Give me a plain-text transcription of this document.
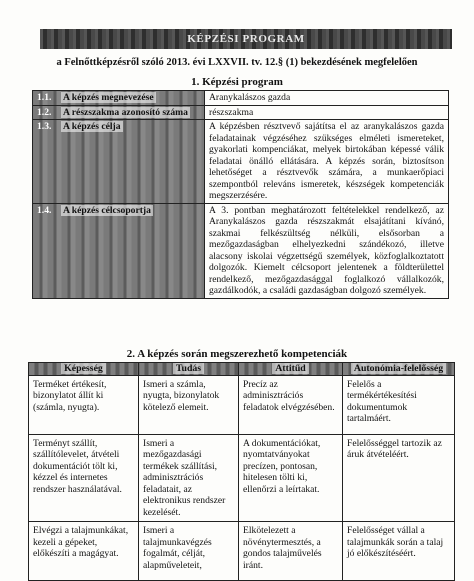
KÉPZÉSI PROGRAM
a Felnőttképzésről szóló 2013. évi LXXVII. tv. 12.§ (1) bekezdésének megfelelően
1. Képzési program
1.1. A képzés megnevezése	Aranykalászos gazda
1.2. A részszakma azonosító száma	részszakma
1.3. A képzés célja	A képzésben résztvevő sajátítsa el az aranykalászos gazda feladatainak végzéséhez szükséges elméleti ismereteket, gyakorlati kompenciákat, melyek birtokában képessé válik feladatai önálló ellátására. A képzés során, biztosítson lehetőséget a résztvevők számára, a munkaerőpiaci szempontból releváns ismeretek, készségek kompetenciák megszerzésére.
1.4. A képzés célcsoportja	A 3. pontban meghatározott feltételekkel rendelkező, az Aranykalászos gazda részszakmát elsajátítani kívánó, szakmai felkészültség nélküli, elsősorban a mezőgazdaságban elhelyezkedni szándékozó, illetve alacsony iskolai végzettségű személyek, közfoglalkoztatott dolgozók. Kiemelt célcsoport jelentenek a földterülettel rendelkező, mezőgazdasággal foglalkozó vállalkozók, gazdálkodók, a családi gazdaságban dolgozó személyek.
2. A képzés során megszerezhető kompetenciák
Képesség	Tudás	Attitűd	Autonómia-felelősség
Terméket értékesít, bizonylatot állít ki (számla, nyugta).	Ismeri a számla, nyugta, bizonylatok kötelező elemeit.	Precíz az adminisztrációs feladatok elvégzésében.	Felelős a termékértékesítési dokumentumok tartalmáért.
Terményt szállít, szállítólevelet, átvételi dokumentációt tölt ki, kézzel és internetes rendszer használatával.	Ismeri a mezőgazdasági termékek szállítási, adminisztrációs feladatait, az elektronikus rendszer kezelését.	A dokumentációkat, nyomtatványokat precízen, pontosan, hitelesen tölti ki, ellenőrzi a leírtakat.	Felelősséggel tartozik az áruk átvételéért.
Elvégzi a talajmunkákat, kezeli a gépeket, előkészíti a magágyat.	Ismeri a talajmunkavégzés fogalmát, célját, alapműveleteit,	Elkötelezett a növénytermesztés, a gondos talajművelés iránt.	Felelősséget vállal a talajmunkák során a talaj jó előkészítéséért.
